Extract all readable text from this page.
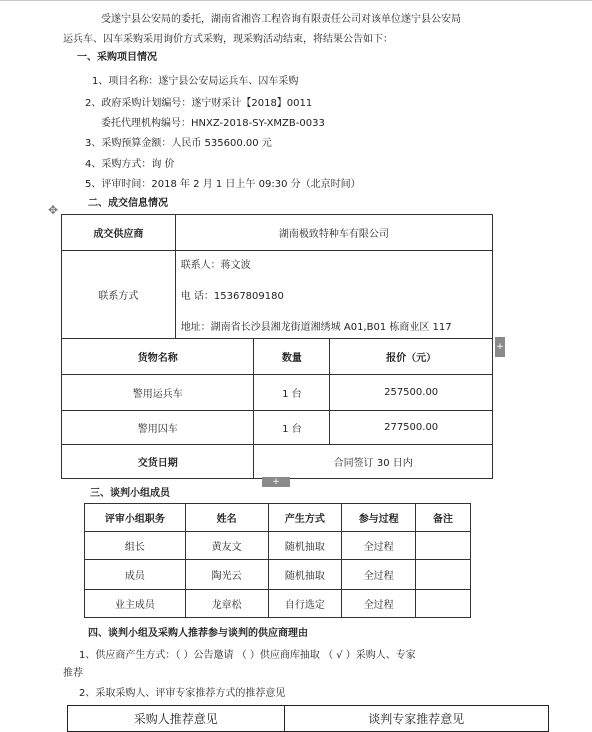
受遂宁县公安局的委托，湖南省湘咨工程咨询有限责任公司对该单位遂宁县公安局
运兵车、囚车采购采用询价方式采购，现采购活动结束，将结果公告如下：
一、采购项目情况
1、项目名称：遂宁县公安局运兵车、囚车采购
2、政府采购计划编号：遂宁财采计【2018】0011
委托代理机构编号：HNXZ-2018-SY-XMZB-0033
3、采购预算金额：人民币 535600.00 元
4、采购方式：询 价
5、评审时间：2018 年 2 月 1 日上午 09:30 分（北京时间）
✥	二、成交信息情况
成交供应商	湖南极致特种车有限公司		
联系方式	联系人：蒋文波
电 话：15367809180
地址：湖南省长沙县湘龙街道湘绣城 A01,B01 栋商业区 117		

货物名称		数量	报价（元）
警用运兵车		1 台	257500.00
警用囚车		1 台	277500.00
交货日期		合同签订 30 日内	
+
+
三、谈判小组成员
评审小组职务	姓名	产生方式	参与过程	备注
组长	黄友文	随机抽取	全过程	
成员	陶光云	随机抽取	全过程	
业主成员	龙章松	自行选定	全过程	
四、谈判小组及采购人推荐参与谈判的供应商理由
1、供应商产生方式：（ ）公告邀请 （ ）供应商库抽取 （ √ ）采购人、专家
推荐
2、采取采购人、评审专家推荐方式的推荐意见
采购人推荐意见	谈判专家推荐意见
